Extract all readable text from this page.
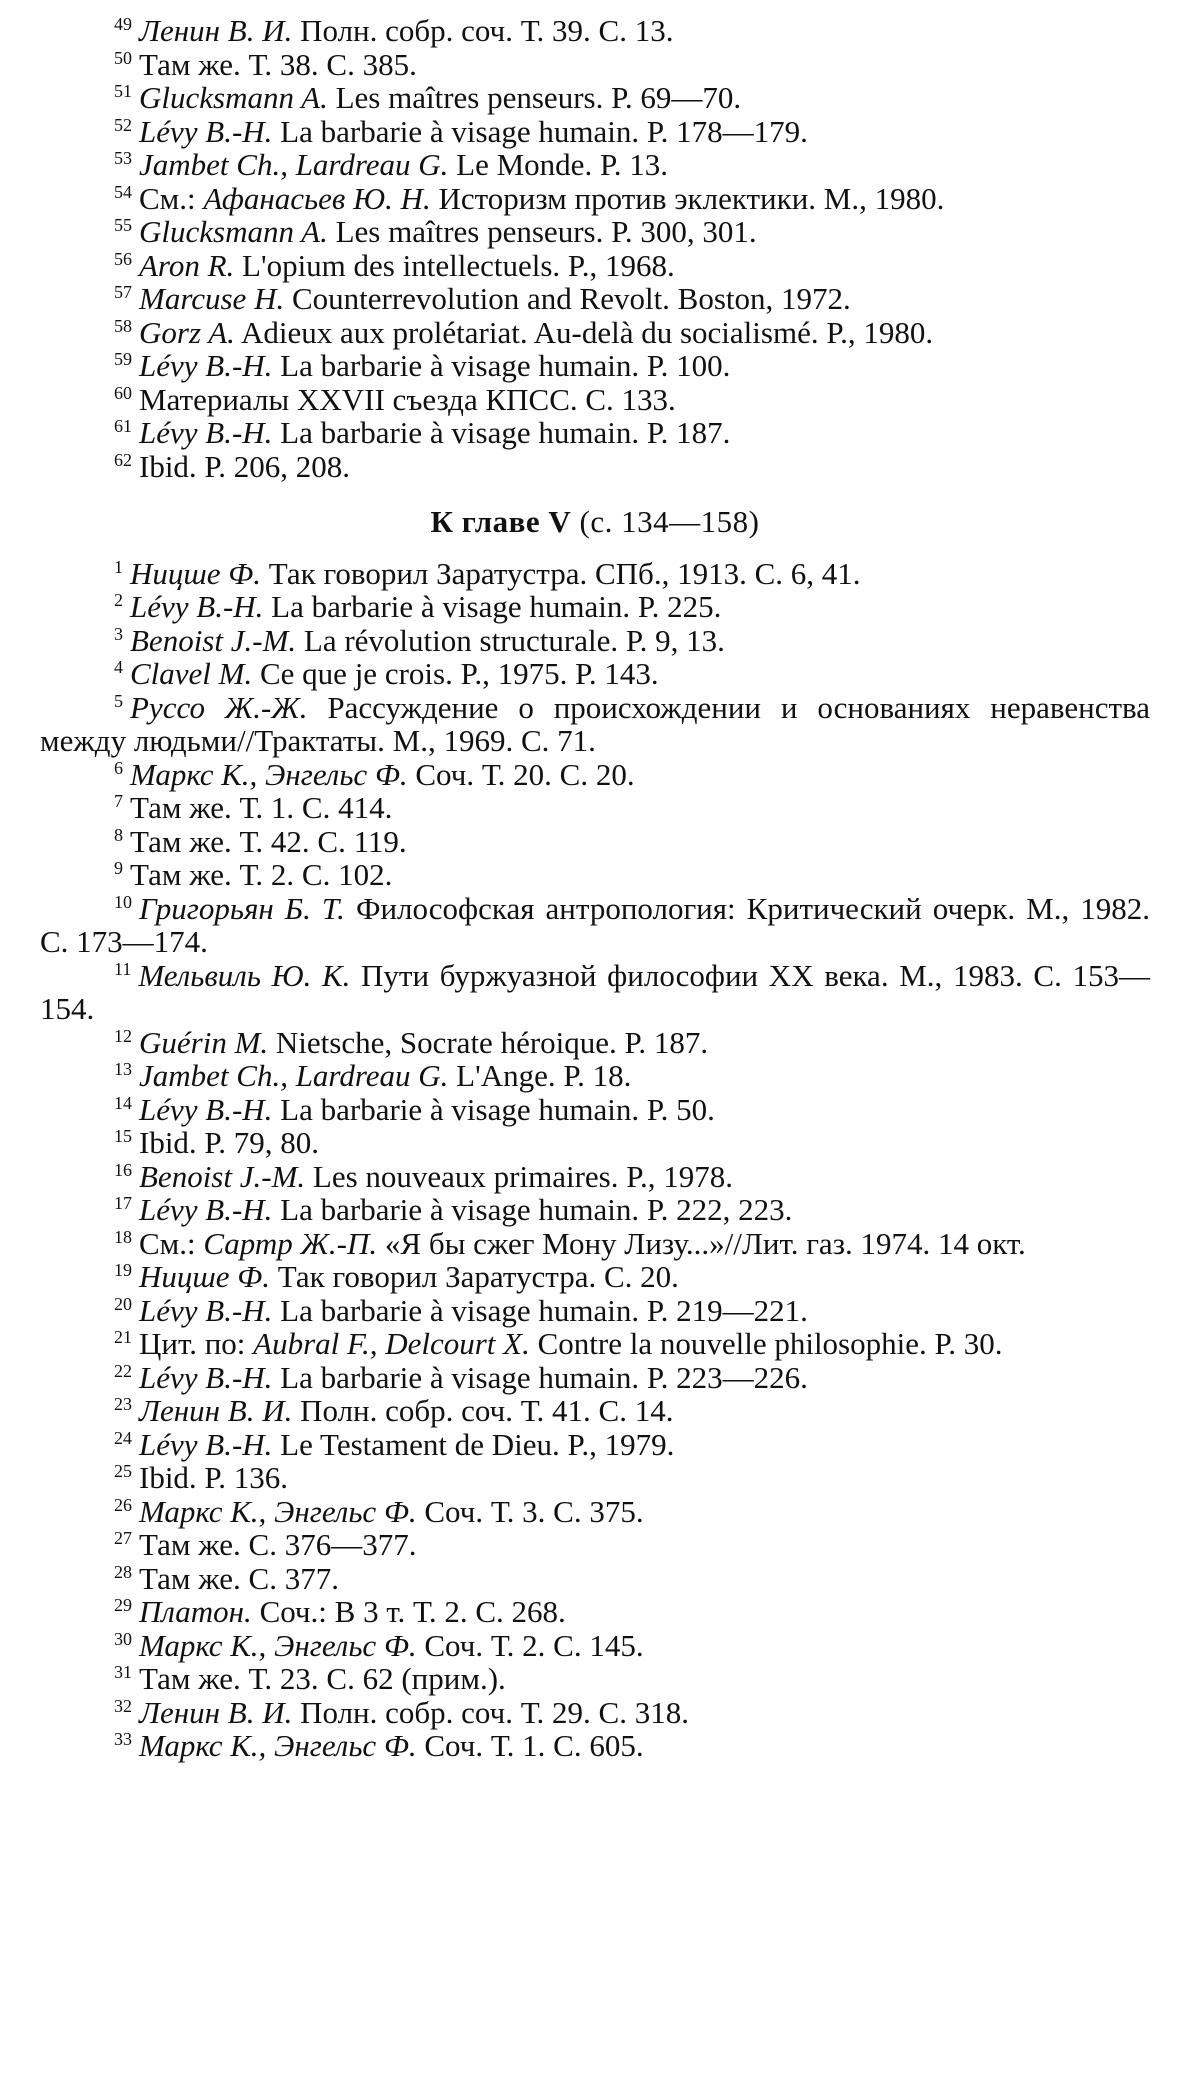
$^{49}$ Ленин В. И. Полн. собр. соч. Т. 39. С. 13.
$^{50}$ Там же. Т. 38. С. 385.
$^{51}$ Glucksmann A. Les maîtres penseurs. P. 69—70.
$^{52}$ Lévy B.-H. La barbarie à visage humain. P. 178—179.
$^{53}$ Jambet Ch., Lardreau G. Le Monde. P. 13.
$^{54}$ См.: Афанасьев Ю. Н. Историзм против эклектики. М., 1980.
$^{55}$ Glucksmann A. Les maîtres penseurs. P. 300, 301.
$^{56}$ Aron R. L'opium des intellectuels. P., 1968.
$^{57}$ Marcuse H. Counterrevolution and Revolt. Boston, 1972.
$^{58}$ Gorz A. Adieux aux prolétariat. Au-delà du socialismé. P., 1980.
$^{59}$ Lévy B.-H. La barbarie à visage humain. P. 100.
$^{60}$ Материалы XXVII съезда КПСС. С. 133.
$^{61}$ Lévy B.-H. La barbarie à visage humain. P. 187.
$^{62}$ Ibid. P. 206, 208.
К главе V (с. 134—158)
$^1$ Ницше Ф. Так говорил Заратустра. СПб., 1913. С. 6, 41.
$^2$ Lévy B.-H. La barbarie à visage humain. P. 225.
$^3$ Benoist J.-M. La révolution structurale. P. 9, 13.
$^4$ Clavel M. Ce que je crois. P., 1975. P. 143.
$^5$ Руссо Ж.-Ж. Рассуждение о происхождении и основаниях неравенства между людьми//Трактаты. М., 1969. С. 71.
$^6$ Маркс К., Энгельс Ф. Соч. Т. 20. С. 20.
$^7$ Там же. Т. 1. С. 414.
$^8$ Там же. Т. 42. С. 119.
$^9$ Там же. Т. 2. С. 102.
$^{10}$ Григорьян Б. Т. Философская антропология: Критический очерк. М., 1982. С. 173—174.
$^{11}$ Мельвиль Ю. К. Пути буржуазной философии XX века. М., 1983. С. 153—154.
$^{12}$ Guérin M. Nietsche, Socrate héroique. P. 187.
$^{13}$ Jambet Ch., Lardreau G. L'Ange. P. 18.
$^{14}$ Lévy B.-H. La barbarie à visage humain. P. 50.
$^{15}$ Ibid. P. 79, 80.
$^{16}$ Benoist J.-M. Les nouveaux primaires. P., 1978.
$^{17}$ Lévy B.-H. La barbarie à visage humain. P. 222, 223.
$^{18}$ См.: Сартр Ж.-П. «Я бы сжег Мону Лизу...»//Лит. газ. 1974. 14 окт.
$^{19}$ Ницше Ф. Так говорил Заратустра. С. 20.
$^{20}$ Lévy B.-H. La barbarie à visage humain. P. 219—221.
$^{21}$ Цит. по: Aubral F., Delcourt X. Contre la nouvelle philosophie. P. 30.
$^{22}$ Lévy B.-H. La barbarie à visage humain. P. 223—226.
$^{23}$ Ленин В. И. Полн. собр. соч. Т. 41. С. 14.
$^{24}$ Lévy B.-H. Le Testament de Dieu. P., 1979.
$^{25}$ Ibid. P. 136.
$^{26}$ Маркс К., Энгельс Ф. Соч. Т. 3. С. 375.
$^{27}$ Там же. С. 376—377.
$^{28}$ Там же. С. 377.
$^{29}$ Платон. Соч.: В 3 т. Т. 2. С. 268.
$^{30}$ Маркс К., Энгельс Ф. Соч. Т. 2. С. 145.
$^{31}$ Там же. Т. 23. С. 62 (прим.).
$^{32}$ Ленин В. И. Полн. собр. соч. Т. 29. С. 318.
$^{33}$ Маркс К., Энгельс Ф. Соч. Т. 1. С. 605.
